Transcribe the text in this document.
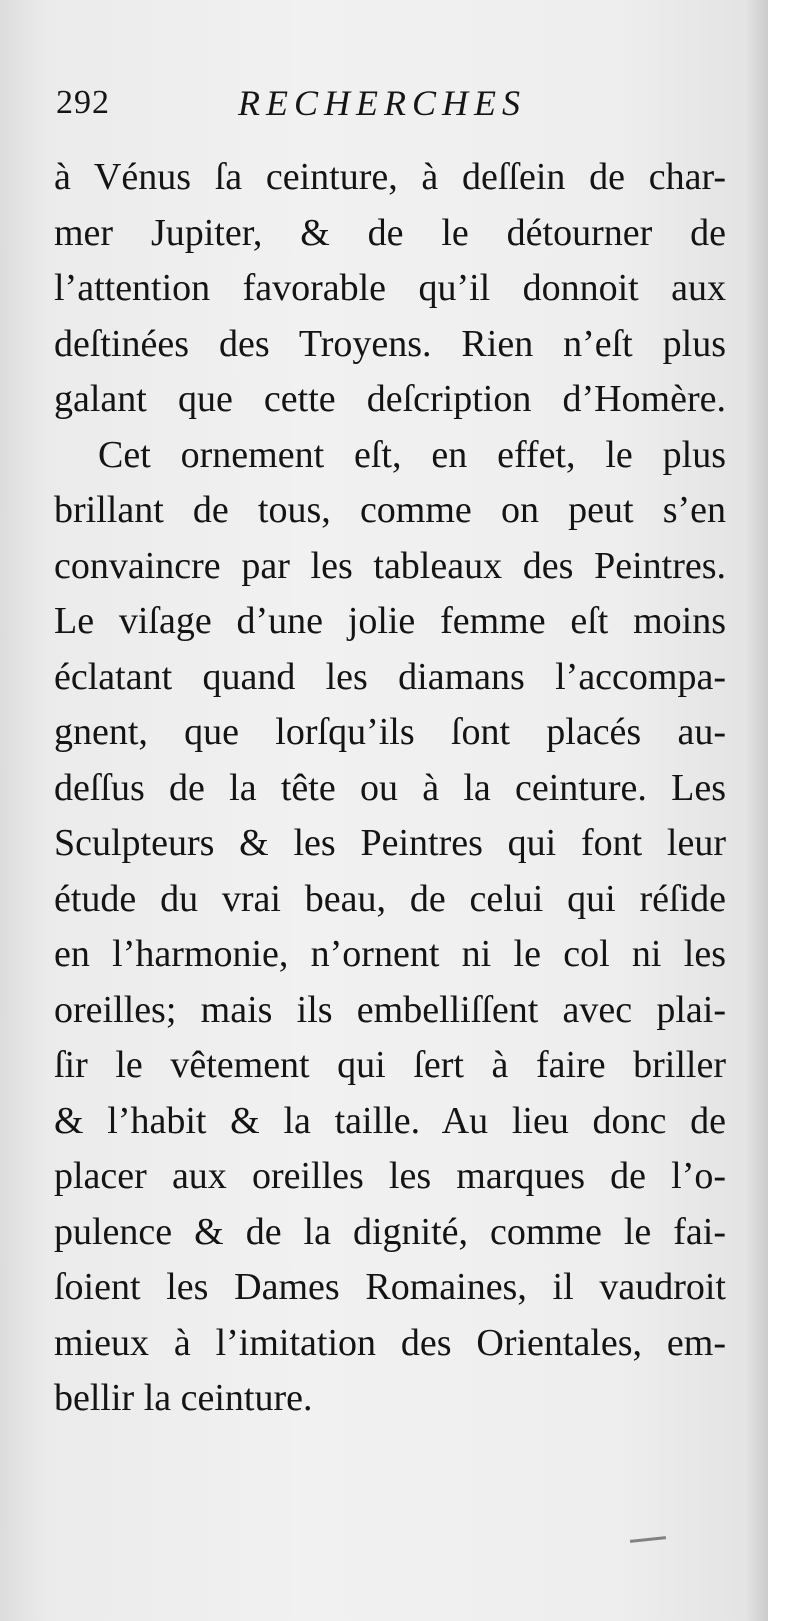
292	RECHERCHES
à Vénus ſa ceinture, à deſſein de char-
mer Jupiter, & de le détourner de
l’attention favorable qu’il donnoit aux
deſtinées des Troyens. Rien n’eſt plus
galant que cette deſcription d’Homère.
Cet ornement eſt, en effet, le plus
brillant de tous, comme on peut s’en
convaincre par les tableaux des Peintres.
Le viſage d’une jolie femme eſt moins
éclatant quand les diamans l’accompa-
gnent, que lorſqu’ils ſont placés au-
deſſus de la tête ou à la ceinture. Les
Sculpteurs & les Peintres qui font leur
étude du vrai beau, de celui qui réſide
en l’harmonie, n’ornent ni le col ni les
oreilles; mais ils embelliſſent avec plai-
ſir le vêtement qui ſert à faire briller
& l’habit & la taille. Au lieu donc de
placer aux oreilles les marques de l’o-
pulence & de la dignité, comme le fai-
ſoient les Dames Romaines, il vaudroit
mieux à l’imitation des Orientales, em-
bellir la ceinture.
